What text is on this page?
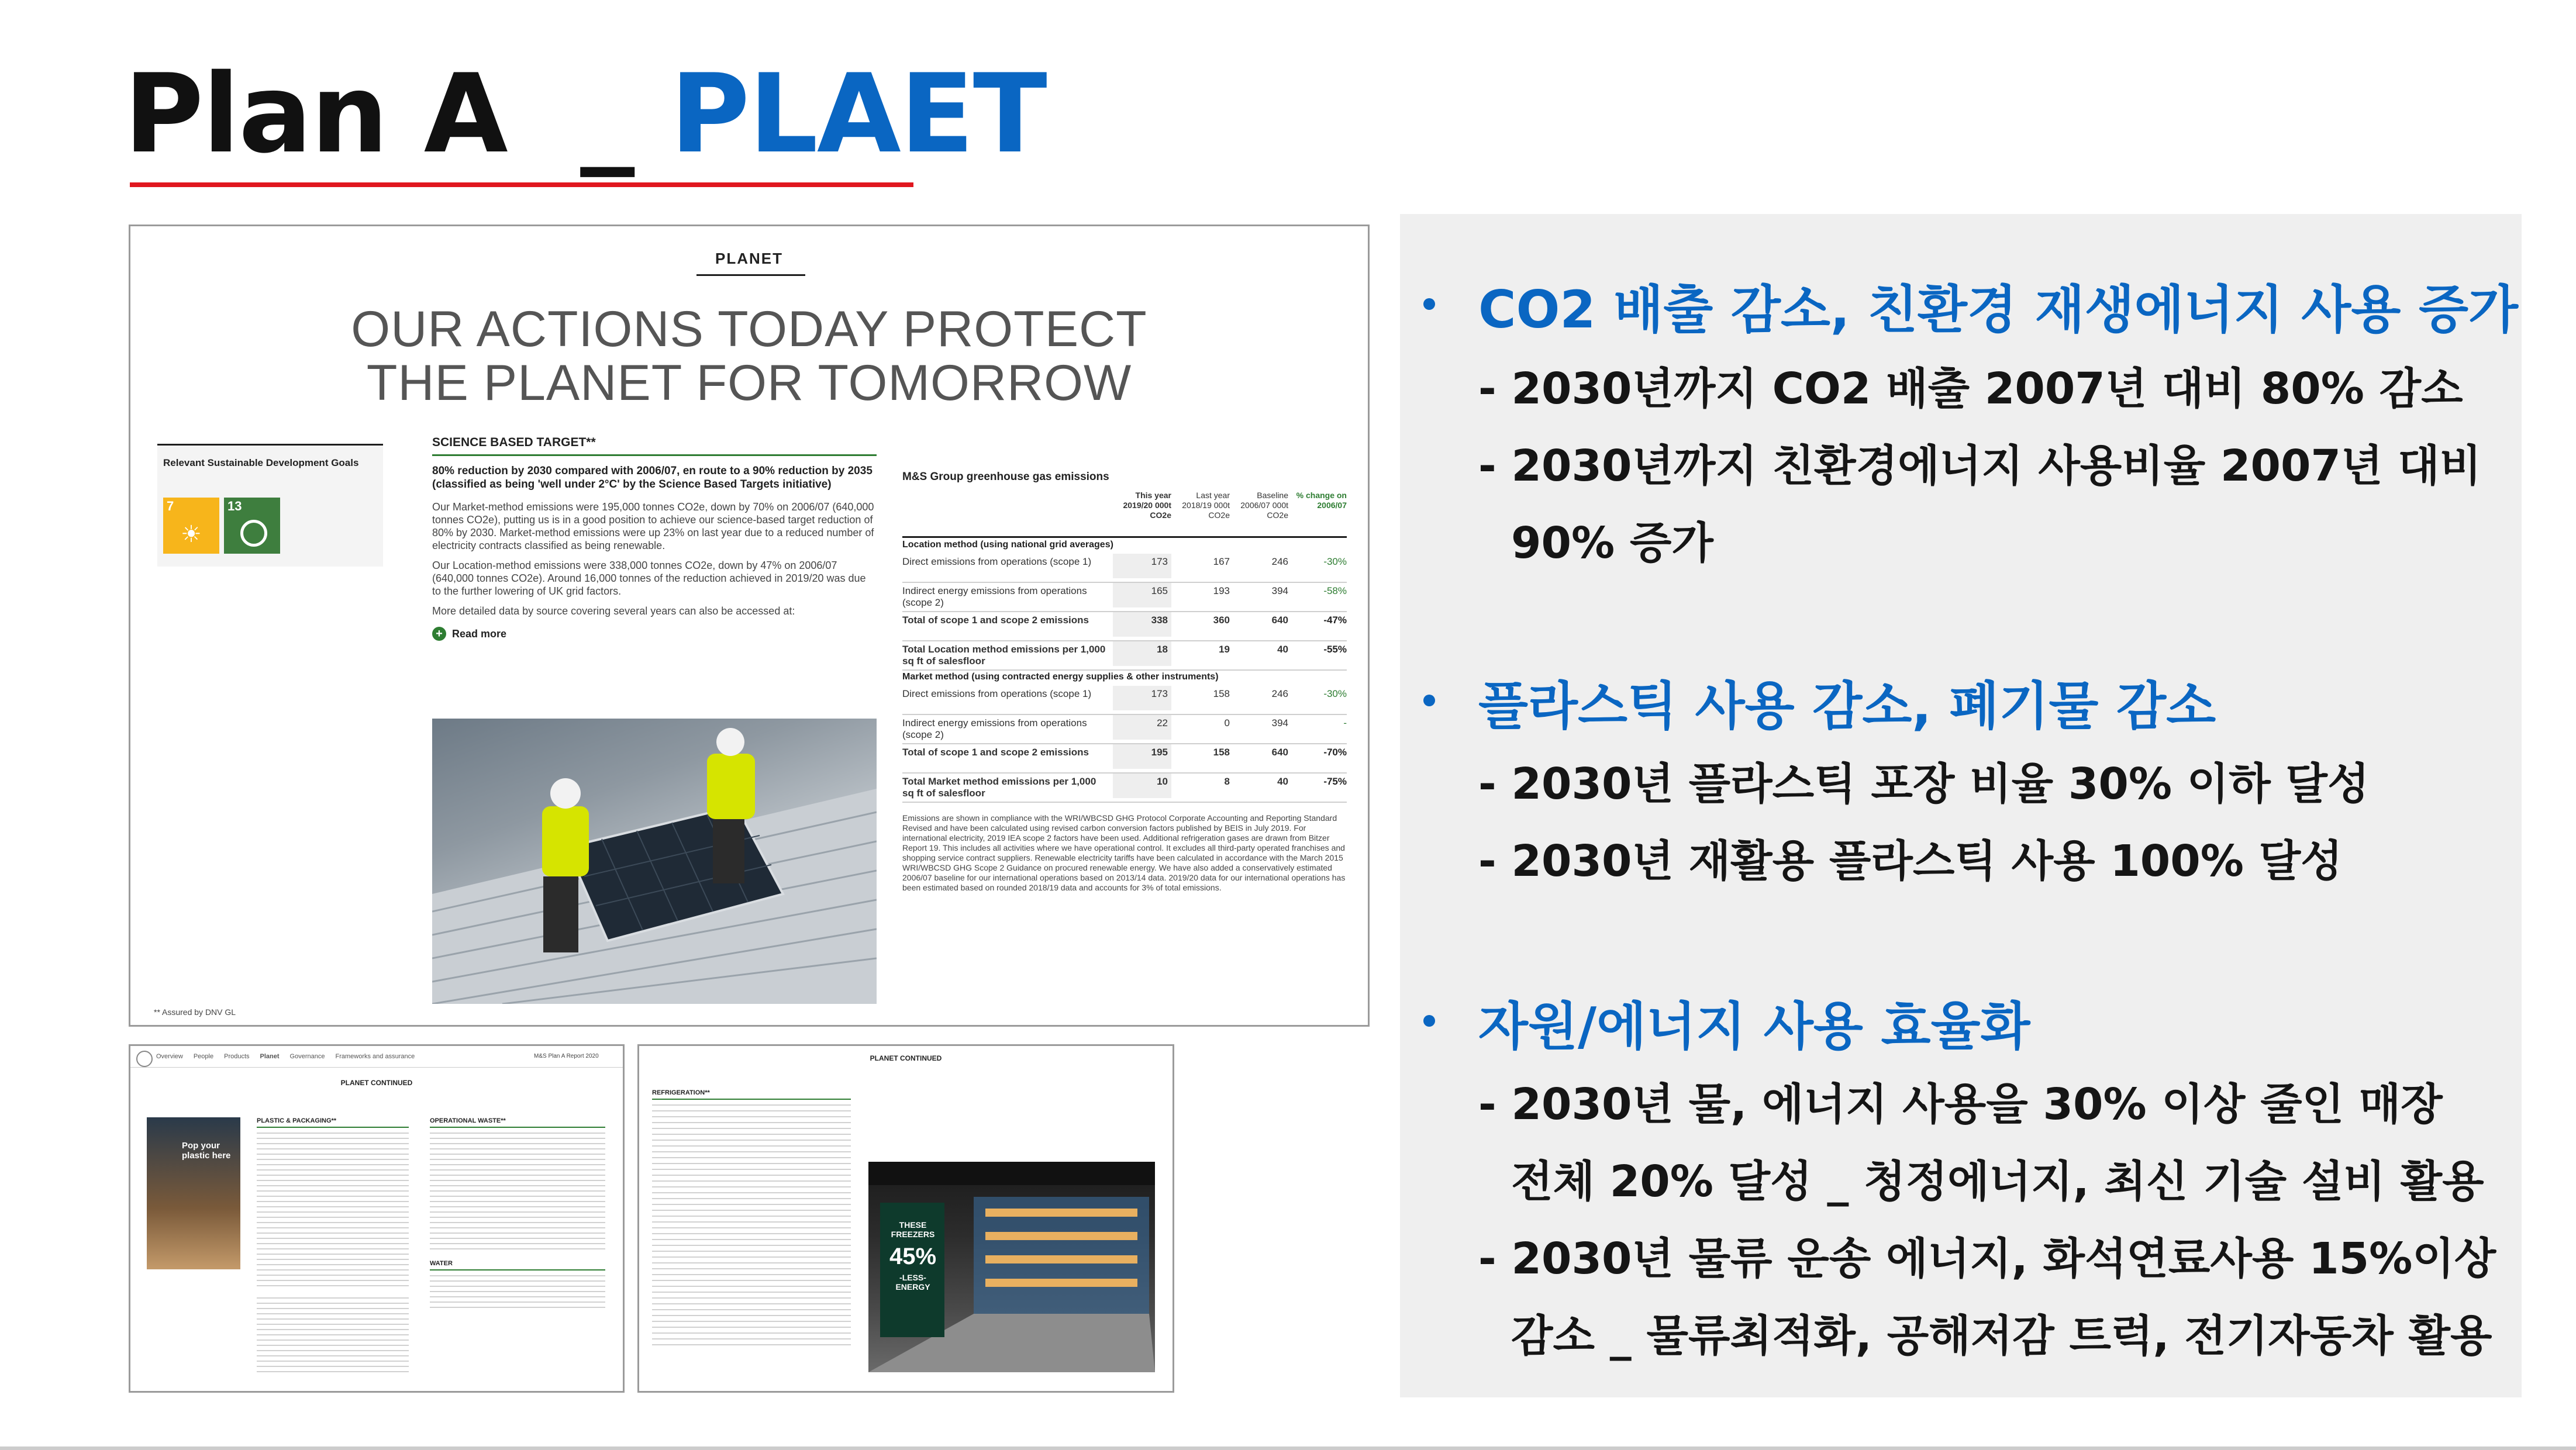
Plan A _ PLAET
PLANET
OUR ACTIONS TODAY PROTECT
THE PLANET FOR TOMORROW
Relevant Sustainable Development Goals
7
☀
13
SCIENCE BASED TARGET**
80% reduction by 2030 compared with 2006/07, en route to a 90% reduction by 2035 (classified as being 'well under 2°C' by the Science Based Targets initiative)
Our Market-method emissions were 195,000 tonnes CO2e, down by 70% on 2006/07 (640,000 tonnes CO2e), putting us is in a good position to achieve our science-based target reduction of 80% by 2030. Market-method emissions were up 23% on last year due to a reduced number of electricity contracts classified as being renewable.
Our Location-method emissions were 338,000 tonnes CO2e, down by 47% on 2006/07 (640,000 tonnes CO2e). Around 16,000 tonnes of the reduction achieved in 2019/20 was due to the further lowering of UK grid factors.
More detailed data by source covering several years can also be accessed at:
+ Read more
** Assured by DNV GL
M&S Group greenhouse gas emissions
This year 2019/20 000t CO2e
Last year 2018/19 000t CO2e
Baseline 2006/07 000t CO2e
% change on 2006/07
Location method (using national grid averages)
Direct emissions from operations (scope 1)	173	167	246	-30%
Indirect energy emissions from operations (scope 2)
165	193	394	-58%
Total of scope 1 and scope 2 emissions	338	360	640	-47%
Total Location method emissions per 1,000 sq ft of salesfloor
18	19	40	-55%
Market method (using contracted energy supplies & other instruments)
Direct emissions from operations (scope 1)	173	158	246	-30%
Indirect energy emissions from operations (scope 2)
22	0	394	-
Total of scope 1 and scope 2 emissions	195	158	640	-70%
Total Market method emissions per 1,000 sq ft of salesfloor
10	8	40	-75%
Emissions are shown in compliance with the WRI/WBCSD GHG Protocol Corporate Accounting and Reporting Standard Revised and have been calculated using revised carbon conversion factors published by BEIS in July 2019. For international electricity, 2019 IEA scope 2 factors have been used. Additional refrigeration gases are drawn from Bitzer Report 19. This includes all activities where we have operational control. It excludes all third-party operated franchises and shopping service contract suppliers. Renewable electricity tariffs have been calculated in accordance with the March 2015 WRI/WBCSD GHG Scope 2 Guidance on procured renewable energy. We have also added a conservatively estimated 2006/07 baseline for our international operations based on 2013/14 data. 2019/20 data for our international operations has been estimated based on rounded 2018/19 data and accounts for 3% of total emissions.
Overview People Products Planet Governance Frameworks and assurance	M&S Plan A Report 2020
PLANET CONTINUED
Pop your plastic here
PLASTIC & PACKAGING**	OPERATIONAL WASTE**
WATER
PLANET CONTINUED
REFRIGERATION**
THESE FREEZERS
45%
-LESS- ENERGY
CO2 배출 감소, 친환경 재생에너지 사용 증가
- 2030년까지 CO2 배출 2007년 대비 80% 감소
- 2030년까지 친환경에너지 사용비율 2007년 대비
90% 증가
플라스틱 사용 감소, 폐기물 감소
- 2030년 플라스틱 포장 비율 30% 이하 달성
- 2030년 재활용 플라스틱 사용 100% 달성
자원/에너지 사용 효율화
- 2030년 물, 에너지 사용을 30% 이상 줄인 매장
전체 20% 달성 _ 청정에너지, 최신 기술 설비 활용
- 2030년 물류 운송 에너지, 화석연료사용 15%이상
감소 _ 물류최적화, 공해저감 트럭, 전기자동차 활용
